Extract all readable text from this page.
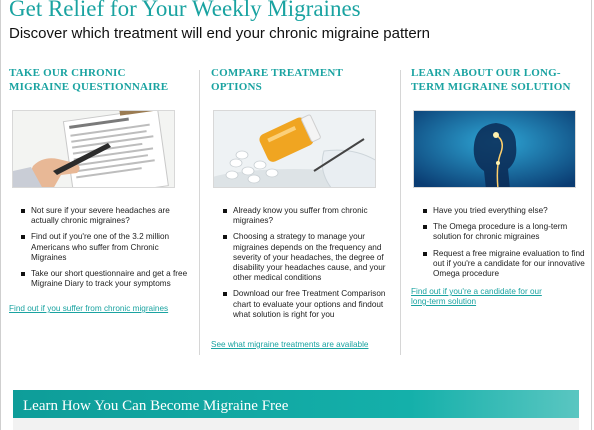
Get Relief for Your Weekly Migraines
Discover which treatment will end your chronic migraine pattern
TAKE OUR CHRONIC
MIGRAINE QUESTIONNAIRE
Not sure if your severe headaches are actually chronic migraines?
Find out if you're one of the 3.2 million Americans who suffer from Chronic Migraines
Take our short questionnaire and get a free Migraine Diary to track your symptoms
Find out if you suffer from chronic migraines
COMPARE TREATMENT
OPTIONS
Already know you suffer from chronic migraines?
Choosing a strategy to manage your migraines depends on the frequency and severity of your headaches, the degree of disability your headaches cause, and your other medical conditions
Download our free Treatment Comparison chart to evaluate your options and findout what solution is right for you
See what migraine treatments are available
LEARN ABOUT OUR LONG-
TERM MIGRAINE SOLUTION
Have you tried everything else?
The Omega procedure is a long-term solution for chronic migraines
Request a free migraine evaluation to find out if you're a candidate for our innovative Omega procedure
Find out if you're a candidate for our long-term solution
Learn How You Can Become Migraine Free
